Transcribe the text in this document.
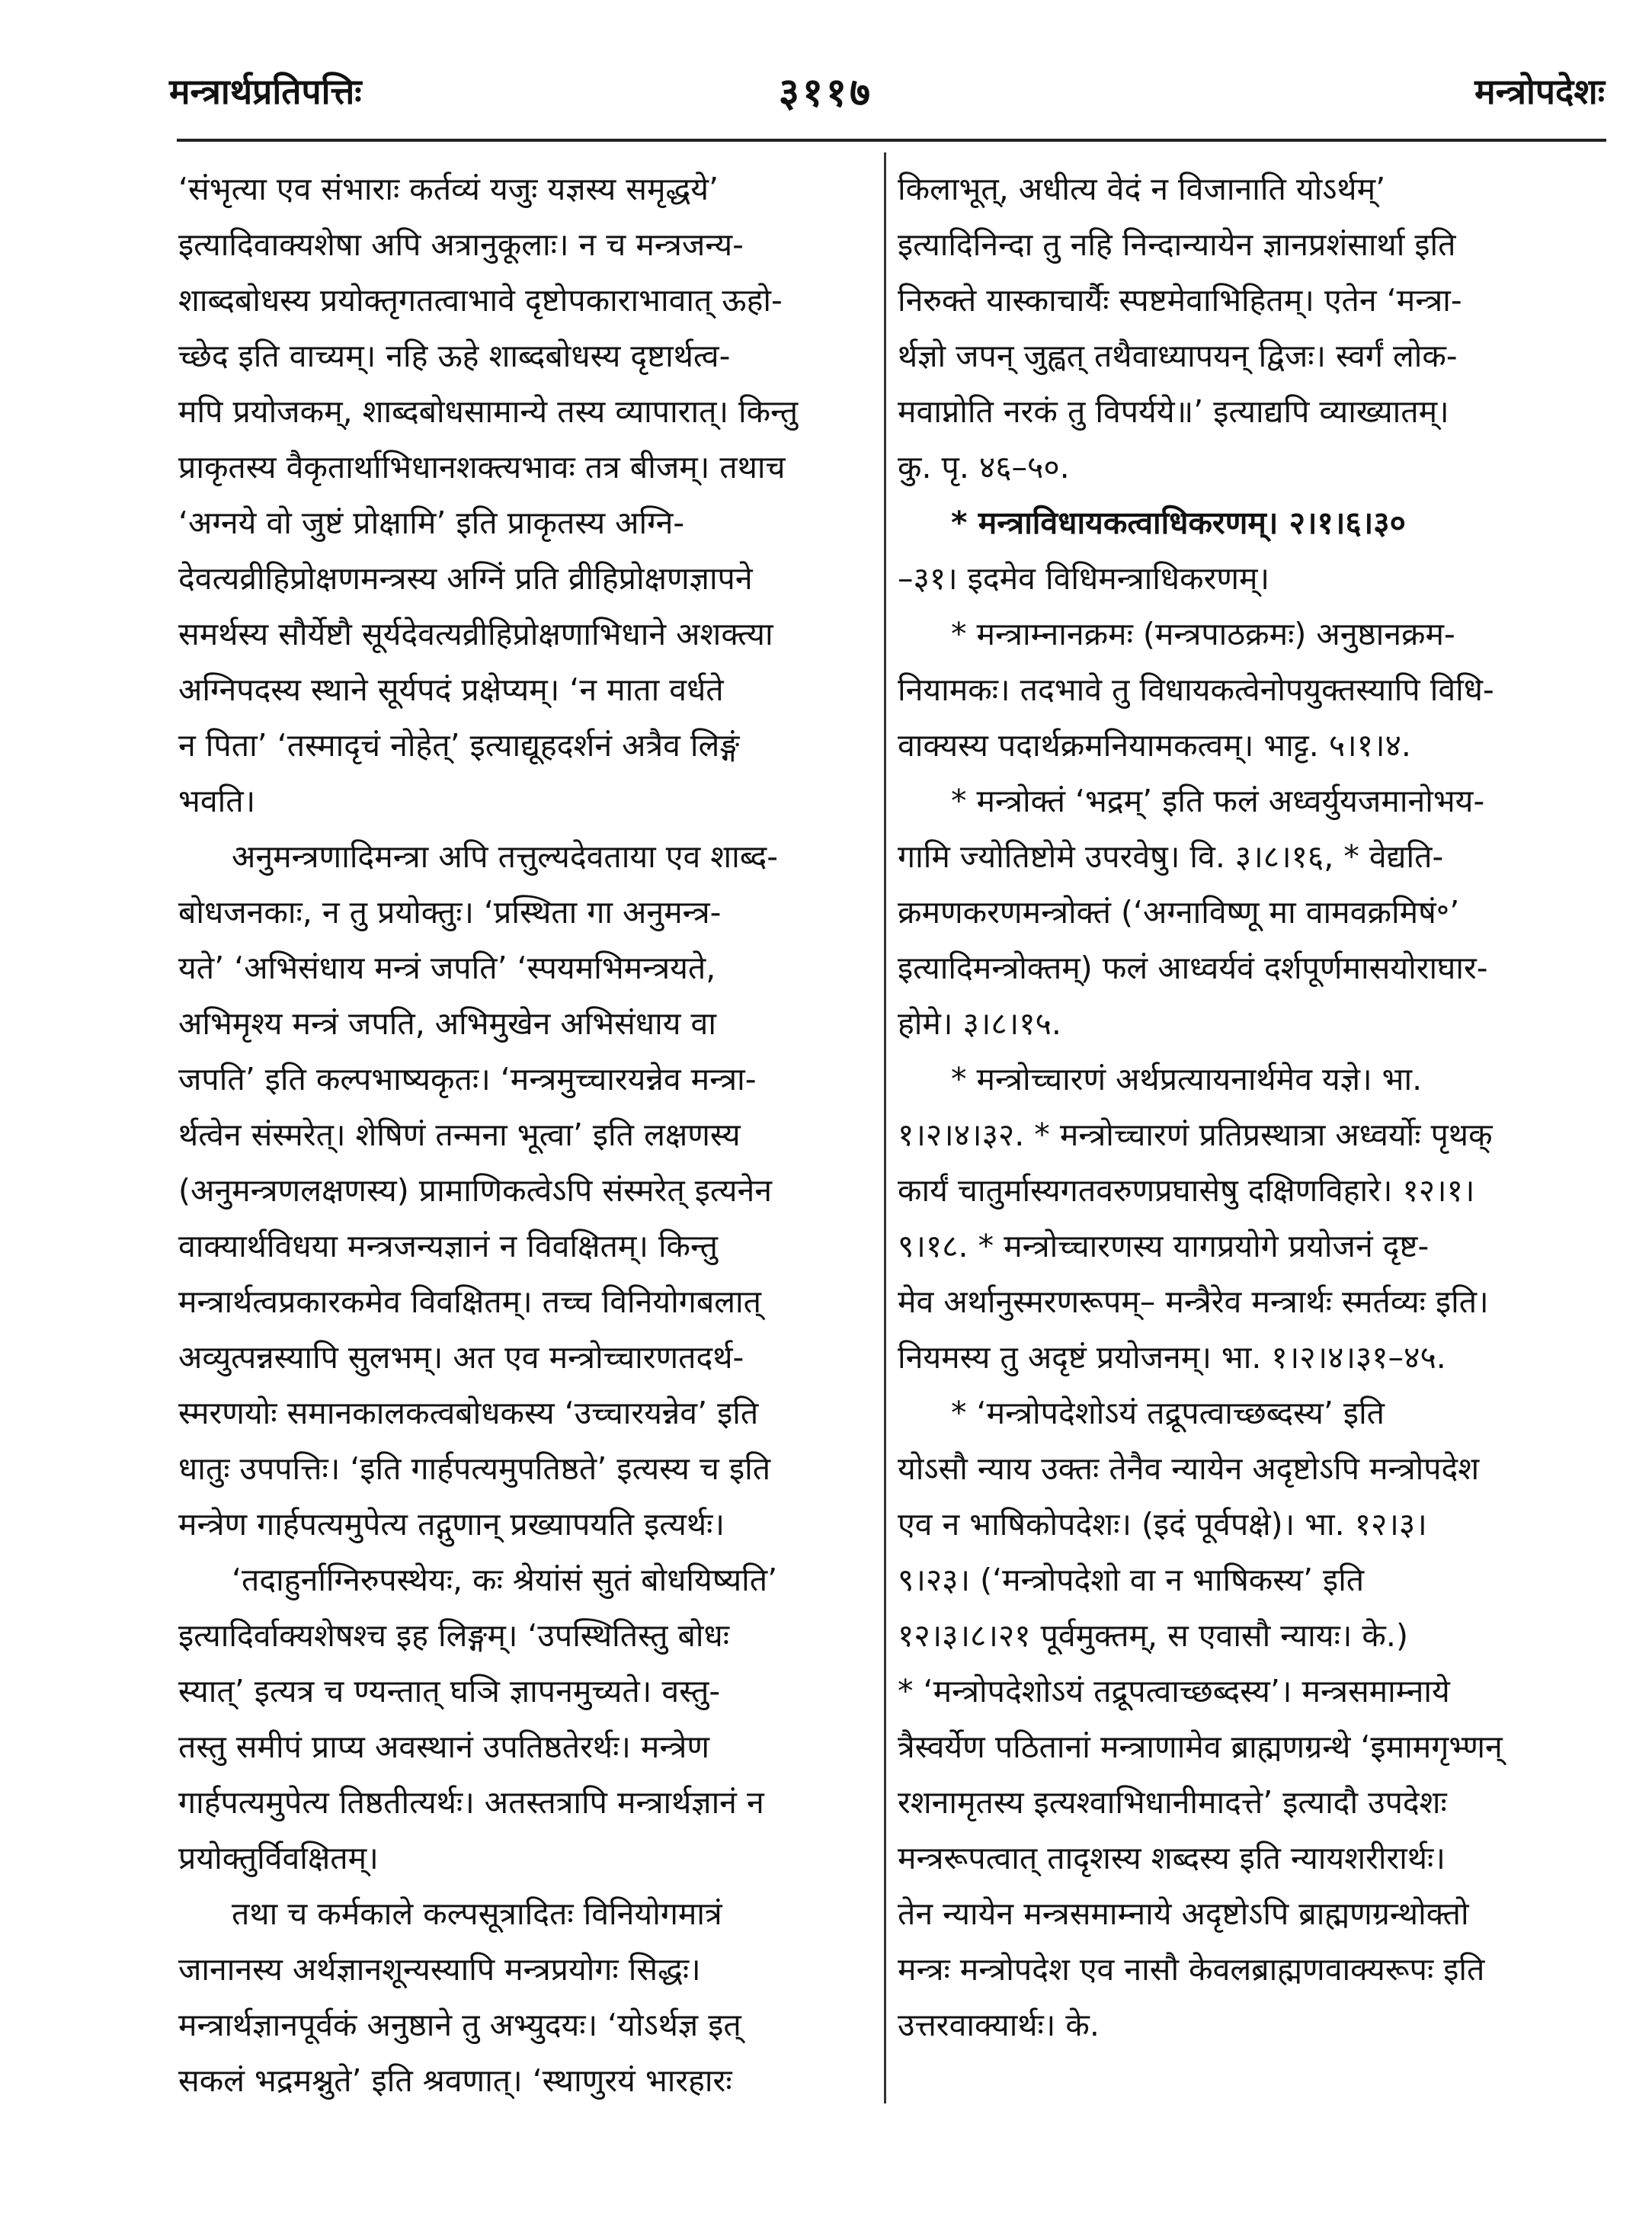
मन्त्रार्थप्रतिपत्तिः	३११७	मन्त्रोपदेशः

‘संभृत्या एव संभाराः कर्तव्यं यजुः यज्ञस्य समृद्धये’

इत्यादिवाक्यशेषा अपि अत्रानुकूलाः। न च मन्त्रजन्य-

शाब्दबोधस्य प्रयोक्तृगतत्वाभावे दृष्टोपकाराभावात् ऊहो-

च्छेद इति वाच्यम्। नहि ऊहे शाब्दबोधस्य दृष्टार्थत्व-

मपि प्रयोजकम्, शाब्दबोधसामान्ये तस्य व्यापारात्। किन्तु

प्राकृतस्य वैकृतार्थाभिधानशक्त्यभावः तत्र बीजम्। तथाच

‘अग्नये वो जुष्टं प्रोक्षामि’ इति प्राकृतस्य अग्नि-

देवत्यव्रीहिप्रोक्षणमन्त्रस्य अग्निं प्रति व्रीहिप्रोक्षणज्ञापने

समर्थस्य सौर्येष्टौ सूर्यदेवत्यव्रीहिप्रोक्षणाभिधाने अशक्त्या

अग्निपदस्य स्थाने सूर्यपदं प्रक्षेप्यम्। ‘न माता वर्धते

न पिता’ ‘तस्मादृचं नोहेत्’ इत्याद्यूहदर्शनं अत्रैव लिङ्गं

भवति।

अनुमन्त्रणादिमन्त्रा अपि तत्तुल्यदेवताया एव शाब्द-

बोधजनकाः, न तु प्रयोक्तुः। ‘प्रस्थिता गा अनुमन्त्र-

यते’ ‘अभिसंधाय मन्त्रं जपति’ ‘स्पयमभिमन्त्रयते,

अभिमृश्य मन्त्रं जपति, अभिमुखेन अभिसंधाय वा

जपति’ इति कल्पभाष्यकृतः। ‘मन्त्रमुच्चारयन्नेव मन्त्रा-

र्थत्वेन संस्मरेत्। शेषिणं तन्मना भूत्वा’ इति लक्षणस्य

(अनुमन्त्रणलक्षणस्य) प्रामाणिकत्वेऽपि संस्मरेत् इत्यनेन

वाक्यार्थविधया मन्त्रजन्यज्ञानं न विवक्षितम्। किन्तु

मन्त्रार्थत्वप्रकारकमेव विवक्षितम्। तच्च विनियोगबलात्

अव्युत्पन्नस्यापि सुलभम्। अत एव मन्त्रोच्चारणतदर्थ-

स्मरणयोः समानकालकत्वबोधकस्य ‘उच्चारयन्नेव’ इति

धातुः उपपत्तिः। ‘इति गार्हपत्यमुपतिष्ठते’ इत्यस्य च इति

मन्त्रेण गार्हपत्यमुपेत्य तद्गुणान् प्रख्यापयति इत्यर्थः।

‘तदाहुर्नाग्निरुपस्थेयः, कः श्रेयांसं सुतं बोधयिष्यति’

इत्यादिर्वाक्यशेषश्च इह लिङ्गम्। ‘उपस्थितिस्तु बोधः

स्यात्’ इत्यत्र च ण्यन्तात् घञि ज्ञापनमुच्यते। वस्तु-

तस्तु समीपं प्राप्य अवस्थानं उपतिष्ठतेरर्थः। मन्त्रेण

गार्हपत्यमुपेत्य तिष्ठतीत्यर्थः। अतस्तत्रापि मन्त्रार्थज्ञानं न

प्रयोक्तुर्विवक्षितम्।

तथा च कर्मकाले कल्पसूत्रादितः विनियोगमात्रं

जानानस्य अर्थज्ञानशून्यस्यापि मन्त्रप्रयोगः सिद्धः।

मन्त्रार्थज्ञानपूर्वकं अनुष्ठाने तु अभ्युदयः। ‘योऽर्थज्ञ इत्

सकलं भद्रमश्नुते’ इति श्रवणात्। ‘स्थाणुरयं भारहारः

किलाभूत्, अधीत्य वेदं न विजानाति योऽर्थम्’

इत्यादिनिन्दा तु नहि निन्दान्यायेन ज्ञानप्रशंसार्था इति

निरुक्ते यास्काचार्यैः स्पष्टमेवाभिहितम्। एतेन ‘मन्त्रा-

र्थज्ञो जपन् जुह्वत् तथैवाध्यापयन् द्विजः। स्वर्गं लोक-

मवाप्नोति नरकं तु विपर्यये॥’ इत्याद्यपि व्याख्यातम्।

कु. पृ. ४६–५०.

* मन्त्राविधायकत्वाधिकरणम्। २।१।६।३०

–३१। इदमेव विधिमन्त्राधिकरणम्।

* मन्त्राम्नानक्रमः (मन्त्रपाठक्रमः) अनुष्ठानक्रम-

नियामकः। तदभावे तु विधायकत्वेनोपयुक्तस्यापि विधि-

वाक्यस्य पदार्थक्रमनियामकत्वम्। भाट्ट. ५।१।४.

* मन्त्रोक्तं ‘भद्रम्’ इति फलं अध्वर्युयजमानोभय-

गामि ज्योतिष्टोमे उपरवेषु। वि. ३।८।१६, * वेद्यति-

क्रमणकरणमन्त्रोक्तं (‘अग्नाविष्णू मा वामवक्रमिषं॰’

इत्यादिमन्त्रोक्तम्) फलं आध्वर्यवं दर्शपूर्णमासयोराघार-

होमे। ३।८।१५.

* मन्त्रोच्चारणं अर्थप्रत्यायनार्थमेव यज्ञे। भा.

१।२।४।३२. * मन्त्रोच्चारणं प्रतिप्रस्थात्रा अध्वर्योः पृथक्

कार्यं चातुर्मास्यगतवरुणप्रघासेषु दक्षिणविहारे। १२।१।

९।१८. * मन्त्रोच्चारणस्य यागप्रयोगे प्रयोजनं दृष्ट-

मेव अर्थानुस्मरणरूपम्– मन्त्रैरेव मन्त्रार्थः स्मर्तव्यः इति।

नियमस्य तु अदृष्टं प्रयोजनम्। भा. १।२।४।३१–४५.

* ‘मन्त्रोपदेशोऽयं तद्रूपत्वाच्छब्दस्य’ इति

योऽसौ न्याय उक्तः तेनैव न्यायेन अदृष्टोऽपि मन्त्रोपदेश

एव न भाषिकोपदेशः। (इदं पूर्वपक्षे)। भा. १२।३।

९।२३। (‘मन्त्रोपदेशो वा न भाषिकस्य’ इति

१२।३।८।२१ पूर्वमुक्तम्, स एवासौ न्यायः। के.)

* ‘मन्त्रोपदेशोऽयं तद्रूपत्वाच्छब्दस्य’। मन्त्रसमाम्नाये

त्रैस्वर्येण पठितानां मन्त्राणामेव ब्राह्मणग्रन्थे ‘इमामगृभ्णन्

रशनामृतस्य इत्यश्वाभिधानीमादत्ते’ इत्यादौ उपदेशः

मन्त्ररूपत्वात् तादृशस्य शब्दस्य इति न्यायशरीरार्थः।

तेन न्यायेन मन्त्रसमाम्नाये अदृष्टोऽपि ब्राह्मणग्रन्थोक्तो

मन्त्रः मन्त्रोपदेश एव नासौ केवलब्राह्मणवाक्यरूपः इति

उत्तरवाक्यार्थः। के.
